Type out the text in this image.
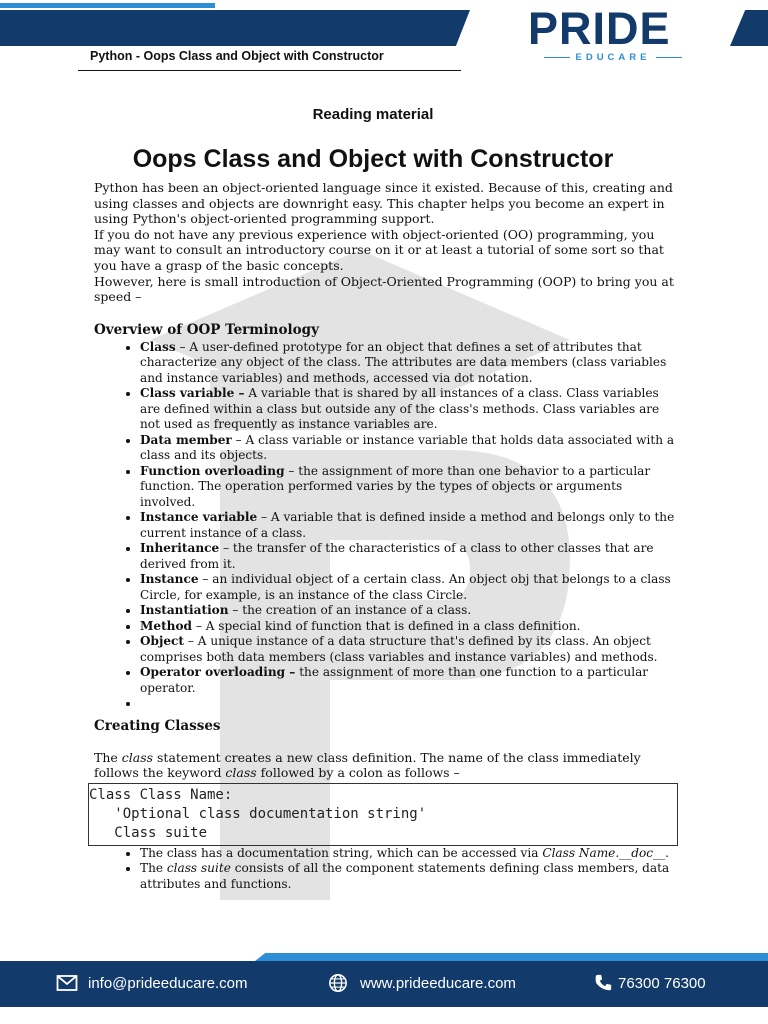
Python - Oops Class and Object with Constructor
PRIDE
EDUCARE
Reading material
Oops Class and Object with Constructor

Python has been an object-oriented language since it existed. Because of this, creating and using classes and objects are downright easy. This chapter helps you become an expert in using Python's object-oriented programming support.

If you do not have any previous experience with object-oriented (OO) programming, you may want to consult an introductory course on it or at least a tutorial of some sort so that you have a grasp of the basic concepts.

However, here is small introduction of Object-Oriented Programming (OOP) to bring you at speed –

Overview of OOP Terminology
• Class – A user-defined prototype for an object that defines a set of attributes that characterize any object of the class. The attributes are data members (class variables and instance variables) and methods, accessed via dot notation.
• Class variable – A variable that is shared by all instances of a class. Class variables are defined within a class but outside any of the class's methods. Class variables are not used as frequently as instance variables are.
• Data member – A class variable or instance variable that holds data associated with a class and its objects.
• Function overloading – the assignment of more than one behavior to a particular function. The operation performed varies by the types of objects or arguments involved.
• Instance variable – A variable that is defined inside a method and belongs only to the current instance of a class.
• Inheritance – the transfer of the characteristics of a class to other classes that are derived from it.
• Instance – an individual object of a certain class. An object obj that belongs to a class Circle, for example, is an instance of the class Circle.
• Instantiation – the creation of an instance of a class.
• Method – A special kind of function that is defined in a class definition.
• Object – A unique instance of a data structure that's defined by its class. An object comprises both data members (class variables and instance variables) and methods.
• Operator overloading – the assignment of more than one function to a particular operator.
•
Creating Classes

The class statement creates a new class definition. The name of the class immediately follows the keyword class followed by a colon as follows –

Class Class Name:
'Optional class documentation string'
Class suite
• The class has a documentation string, which can be accessed via Class Name.__doc__.
• The class suite consists of all the component statements defining class members, data attributes and functions.
info@prideeducare.com	www.prideeducare.com	76300 76300
